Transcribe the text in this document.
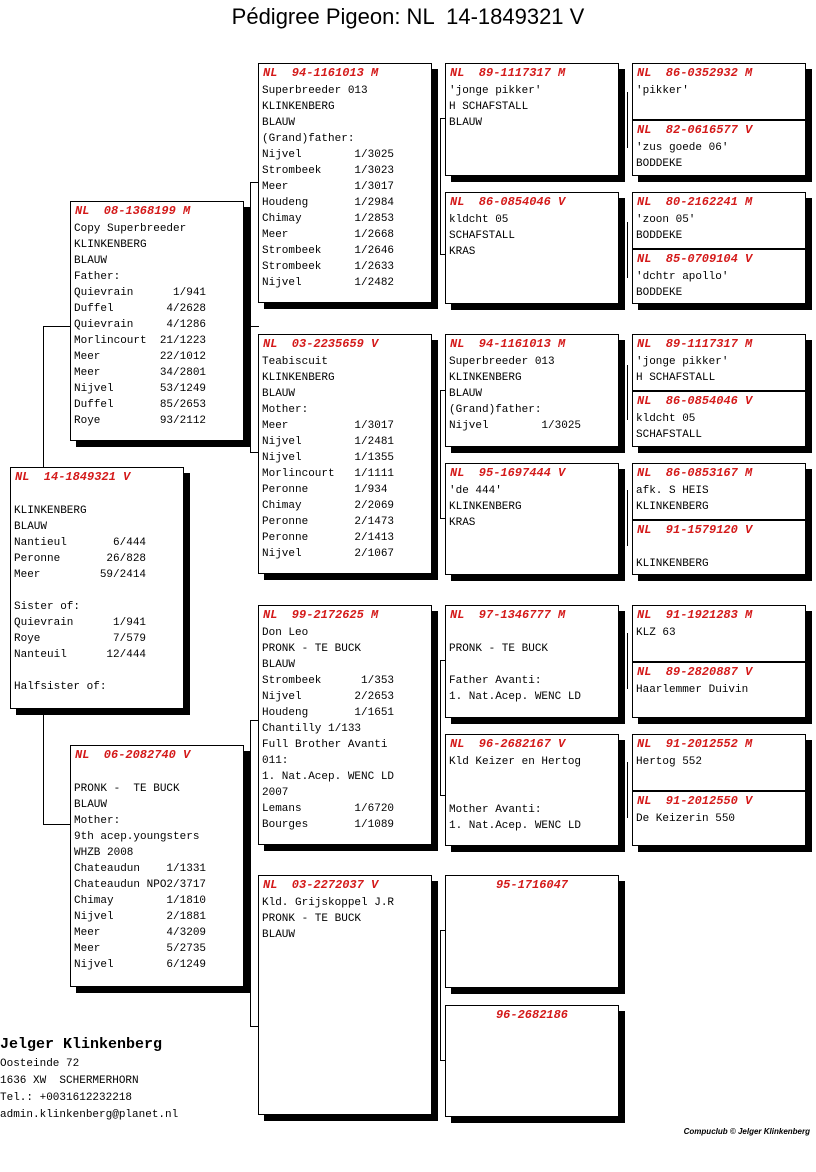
Pédigree Pigeon: NL  14-1849321 V
NL  14-1849321 V
KLINKENBERG
BLAUW
Nantieul       6/444
Peronne       26/828
Meer         59/2414
Sister of:
Quievrain      1/941
Roye           7/579
Nanteuil      12/444
Halfsister of:
NL  08-1368199 M
Copy Superbreeder
KLINKENBERG
BLAUW
Father:
Quievrain      1/941
Duffel        4/2628
Quievrain     4/1286
Morlincourt  21/1223
Meer         22/1012
Meer         34/2801
Nijvel       53/1249
Duffel       85/2653
Roye         93/2112
NL  06-2082740 V
PRONK -  TE BUCK
BLAUW
Mother:
9th acep.youngsters
WHZB 2008
Chateaudun    1/1331
Chateaudun NPO2/3717
Chimay        1/1810
Nijvel        2/1881
Meer          4/3209
Meer          5/2735
Nijvel        6/1249
NL  94-1161013 M
Superbreeder 013
KLINKENBERG
BLAUW
(Grand)father:
Nijvel        1/3025
Strombeek     1/3023
Meer          1/3017
Houdeng       1/2984
Chimay        1/2853
Meer          1/2668
Strombeek     1/2646
Strombeek     1/2633
Nijvel        1/2482
NL  03-2235659 V
Teabiscuit
KLINKENBERG
BLAUW
Mother:
Meer          1/3017
Nijvel        1/2481
Nijvel        1/1355
Morlincourt   1/1111
Peronne       1/934
Chimay        2/2069
Peronne       2/1473
Peronne       2/1413
Nijvel        2/1067
NL  99-2172625 M
Don Leo
PRONK - TE BUCK
BLAUW
Strombeek      1/353
Nijvel        2/2653
Houdeng       1/1651
Chantilly 1/133
Full Brother Avanti
011:
1. Nat.Acep. WENC LD
2007
Lemans        1/6720
Bourges       1/1089
NL  03-2272037 V
Kld. Grijskoppel J.R
PRONK - TE BUCK
BLAUW
NL  89-1117317 M
'jonge pikker'
H SCHAFSTALL
BLAUW
NL  86-0854046 V
kldcht 05
SCHAFSTALL
KRAS
NL  94-1161013 M
Superbreeder 013
KLINKENBERG
BLAUW
(Grand)father:
Nijvel        1/3025
NL  95-1697444 V
'de 444'
KLINKENBERG
KRAS
NL  97-1346777 M
PRONK - TE BUCK
Father Avanti:
1. Nat.Acep. WENC LD
NL  96-2682167 V
Kld Keizer en Hertog
Mother Avanti:
1. Nat.Acep. WENC LD
95-1716047
96-2682186
NL  86-0352932 M
'pikker'
NL  82-0616577 V
'zus goede 06'
BODDEKE
NL  80-2162241 M
'zoon 05'
BODDEKE
NL  85-0709104 V
'dchtr apollo'
BODDEKE
NL  89-1117317 M
'jonge pikker'
H SCHAFSTALL
NL  86-0854046 V
kldcht 05
SCHAFSTALL
NL  86-0853167 M
afk. S HEIS
KLINKENBERG
NL  91-1579120 V
KLINKENBERG
NL  91-1921283 M
KLZ 63
NL  89-2820887 V
Haarlemmer Duivin
NL  91-2012552 M
Hertog 552
NL  91-2012550 V
De Keizerin 550
Jelger Klinkenberg
Oosteinde 72
1636 XW  SCHERMERHORN
Tel.: +0031612232218
admin.klinkenberg@planet.nl
Compuclub © Jelger Klinkenberg
